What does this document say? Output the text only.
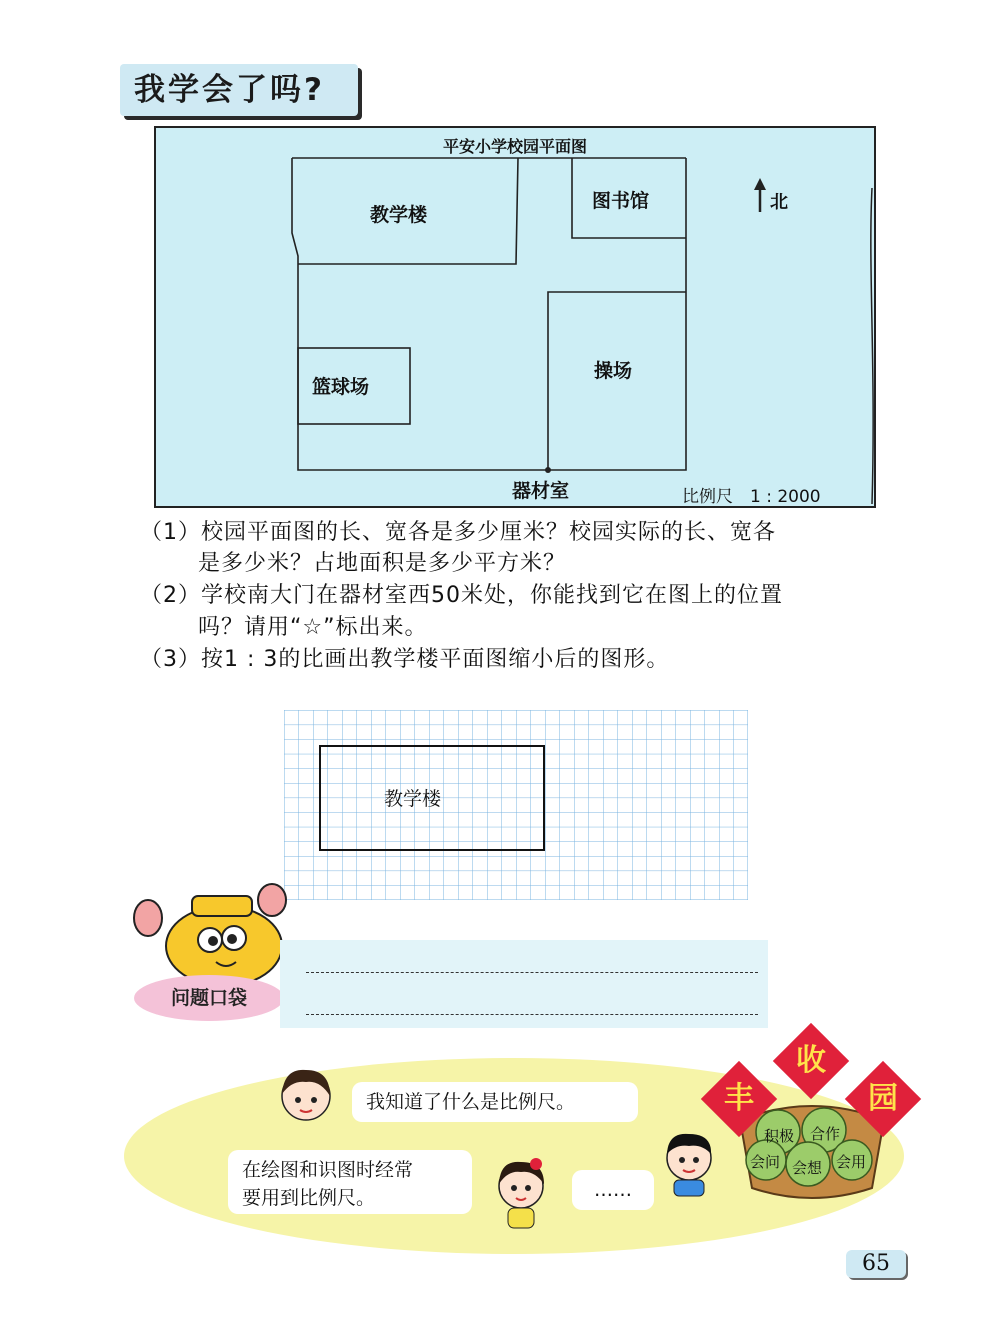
我学会了吗?
平安小学校园平面图
教学楼
图书馆
篮球场
操场
器材室
北
比例尺　1 : 2000
（1）校园平面图的长、宽各是多少厘米？校园实际的长、宽各
是多少米？占地面积是多少平方米？
（2）学校南大门在器材室西50米处，你能找到它在图上的位置
吗？请用“☆”标出来。
（3）按1 : 3的比画出教学楼平面图缩小后的图形。
教学楼
问题口袋
我知道了什么是比例尺。
在绘图和识图时经常
要用到比例尺。	……
积极 合作
会问 会想 会用
丰
收
园
65
